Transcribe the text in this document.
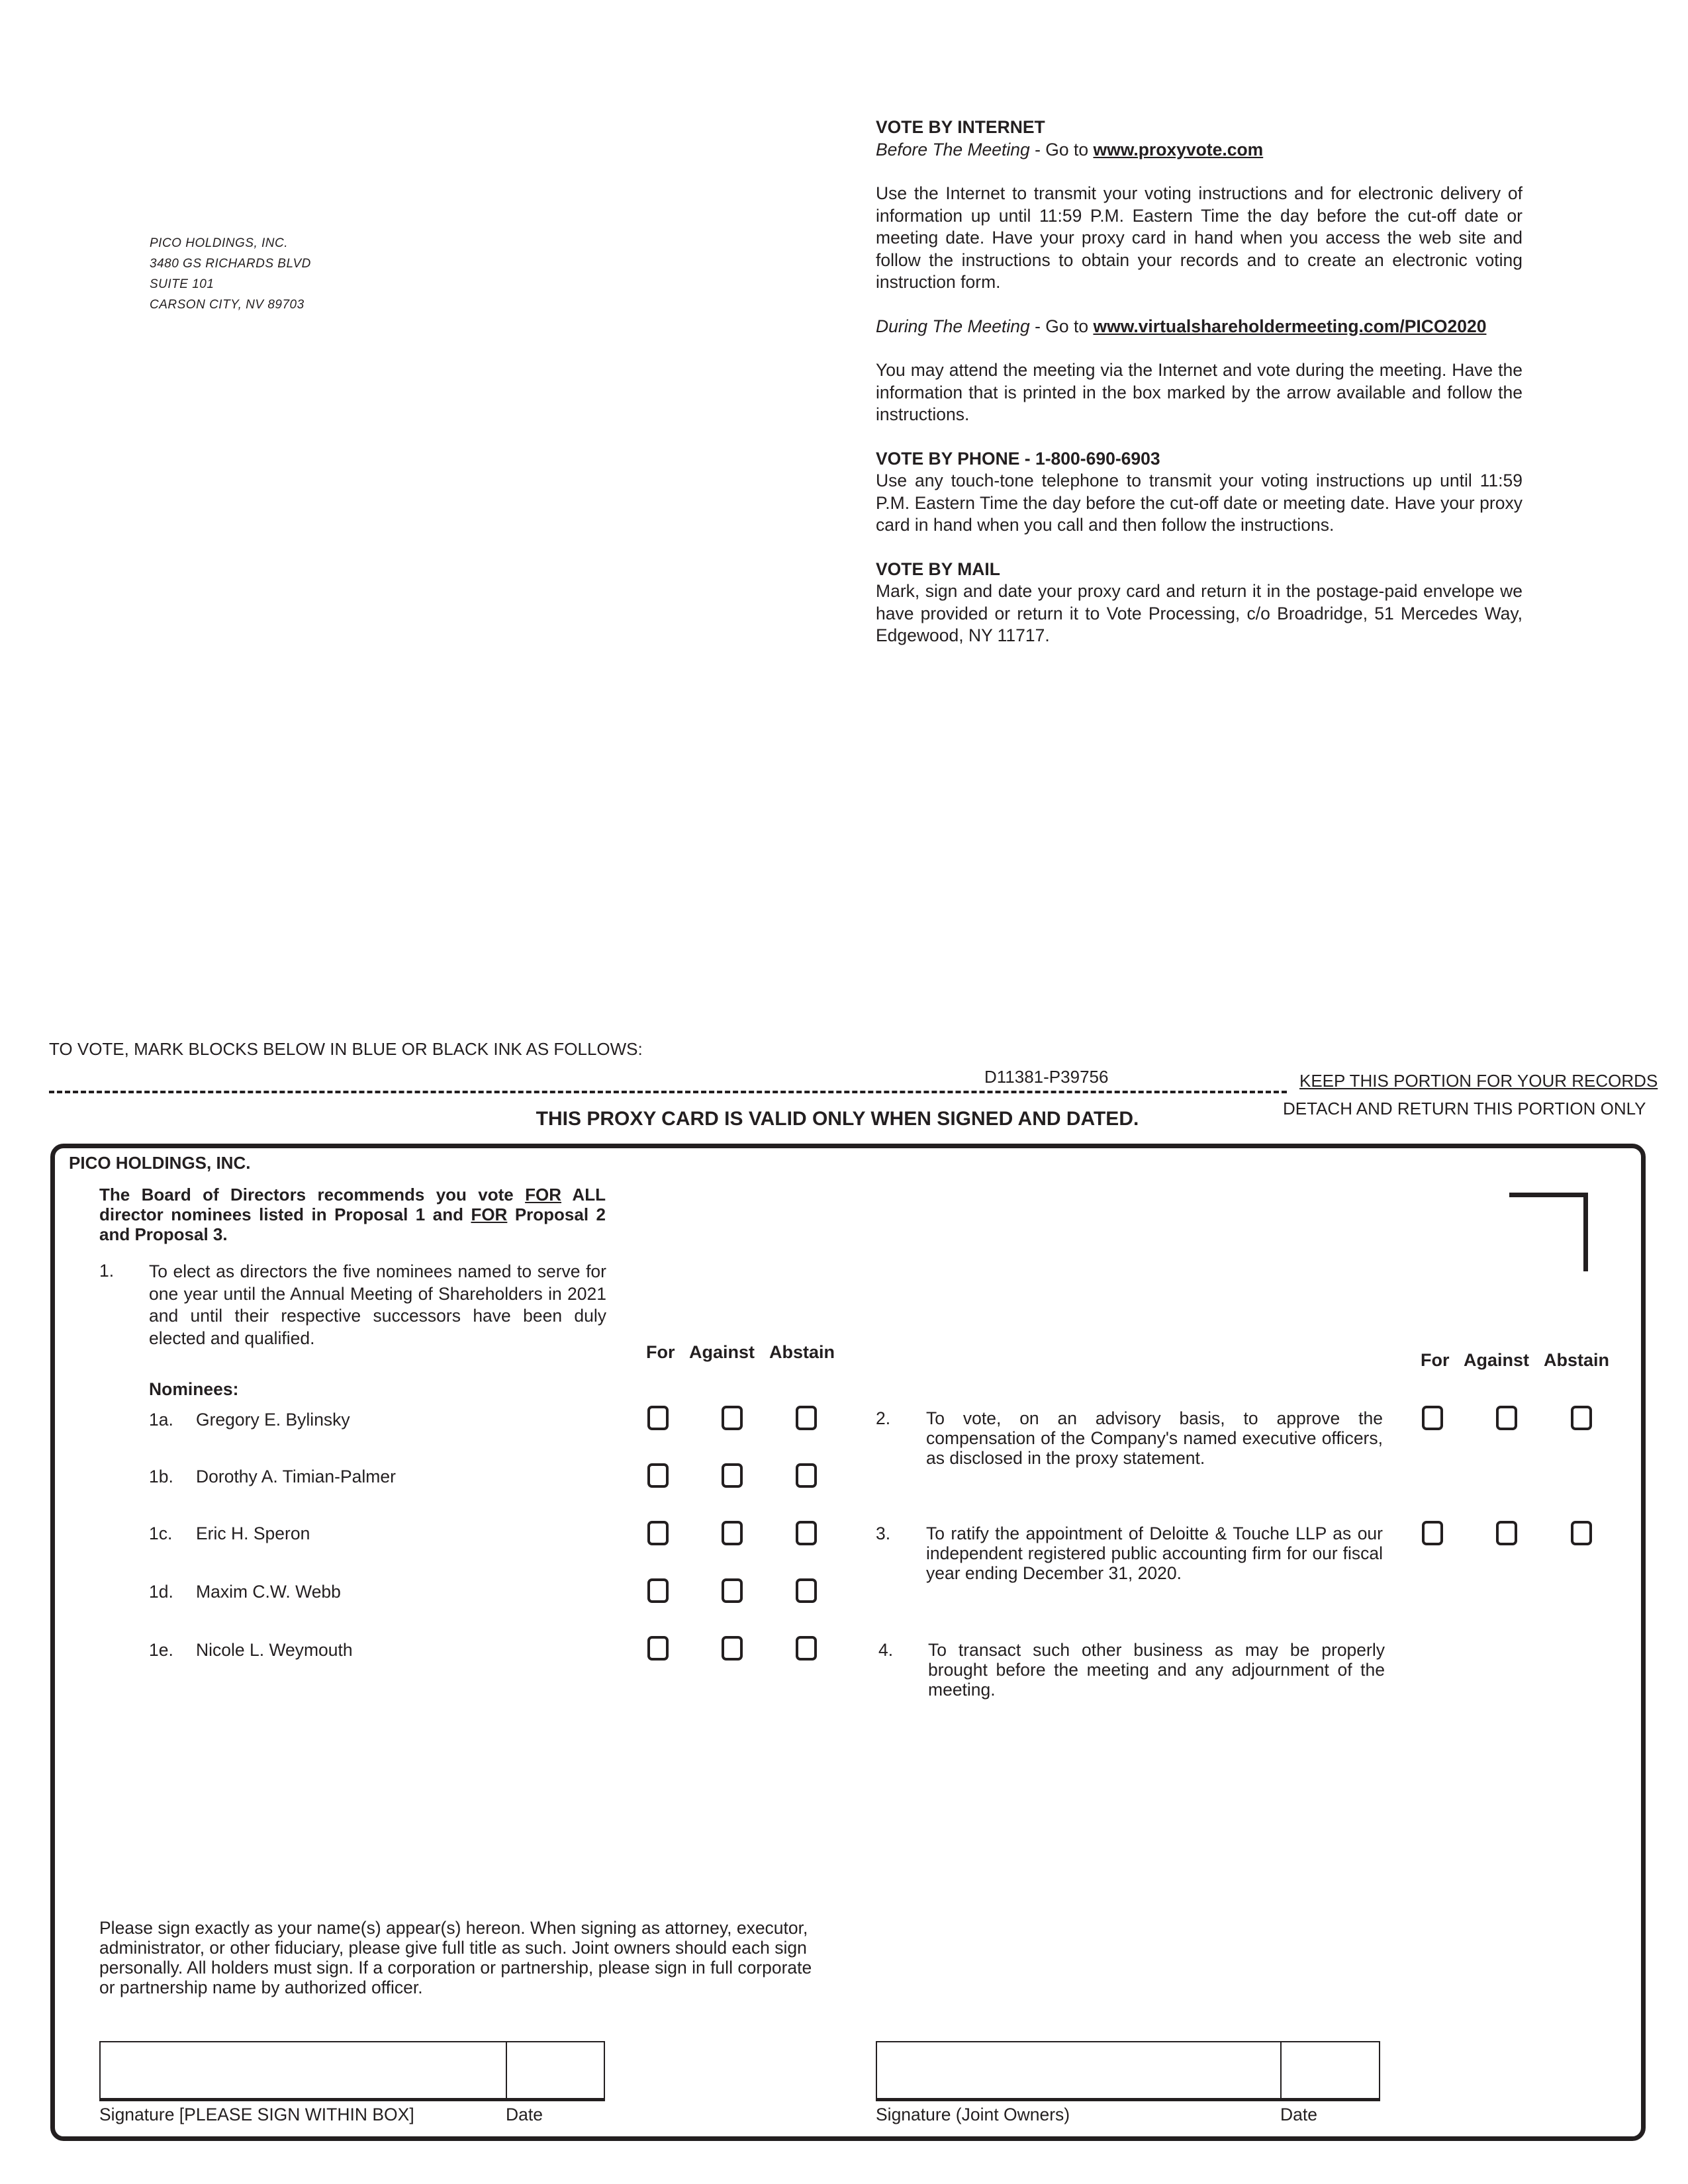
PICO HOLDINGS, INC.
3480 GS RICHARDS BLVD
SUITE 101
CARSON CITY, NV 89703
VOTE BY INTERNET
Before The Meeting - Go to www.proxyvote.com

Use the Internet to transmit your voting instructions and for electronic delivery of information up until 11:59 P.M. Eastern Time the day before the cut-off date or meeting date. Have your proxy card in hand when you access the web site and follow the instructions to obtain your records and to create an electronic voting instruction form.

During The Meeting - Go to www.virtualshareholdermeeting.com/PICO2020

You may attend the meeting via the Internet and vote during the meeting. Have the information that is printed in the box marked by the arrow available and follow the instructions.

VOTE BY PHONE - 1-800-690-6903

Use any touch-tone telephone to transmit your voting instructions up until 11:59 P.M. Eastern Time the day before the cut-off date or meeting date. Have your proxy card in hand when you call and then follow the instructions.

VOTE BY MAIL

Mark, sign and date your proxy card and return it in the postage-paid envelope we have provided or return it to Vote Processing, c/o Broadridge, 51 Mercedes Way, Edgewood, NY 11717.

TO VOTE, MARK BLOCKS BELOW IN BLUE OR BLACK INK AS FOLLOWS:
D11381-P39756	KEEP THIS PORTION FOR YOUR RECORDS
DETACH AND RETURN THIS PORTION ONLY
THIS PROXY CARD IS VALID ONLY WHEN SIGNED AND DATED.
PICO HOLDINGS, INC.
The Board of Directors recommends you vote FOR ALL director nominees listed in Proposal 1 and FOR Proposal 2 and Proposal 3.
1. To elect as directors the five nominees named to serve for one year until the Annual Meeting of Shareholders in 2021 and until their respective successors have been duly elected and qualified.
For Against Abstain	For Against Abstain
Nominees:
1a. Gregory E. Bylinsky
1b. Dorothy A. Timian-Palmer
1c. Eric H. Speron
1d. Maxim C.W. Webb
1e. Nicole L. Weymouth
2. To vote, on an advisory basis, to approve the compensation of the Company's named executive officers, as disclosed in the proxy statement.
3. To ratify the appointment of Deloitte & Touche LLP as our independent registered public accounting firm for our fiscal year ending December 31, 2020.
4. To transact such other business as may be properly brought before the meeting and any adjournment of the meeting.
Please sign exactly as your name(s) appear(s) hereon. When signing as attorney, executor, administrator, or other fiduciary, please give full title as such. Joint owners should each sign personally. All holders must sign. If a corporation or partnership, please sign in full corporate or partnership name by authorized officer.
Signature [PLEASE SIGN WITHIN BOX]	Date	Signature (Joint Owners)	Date
